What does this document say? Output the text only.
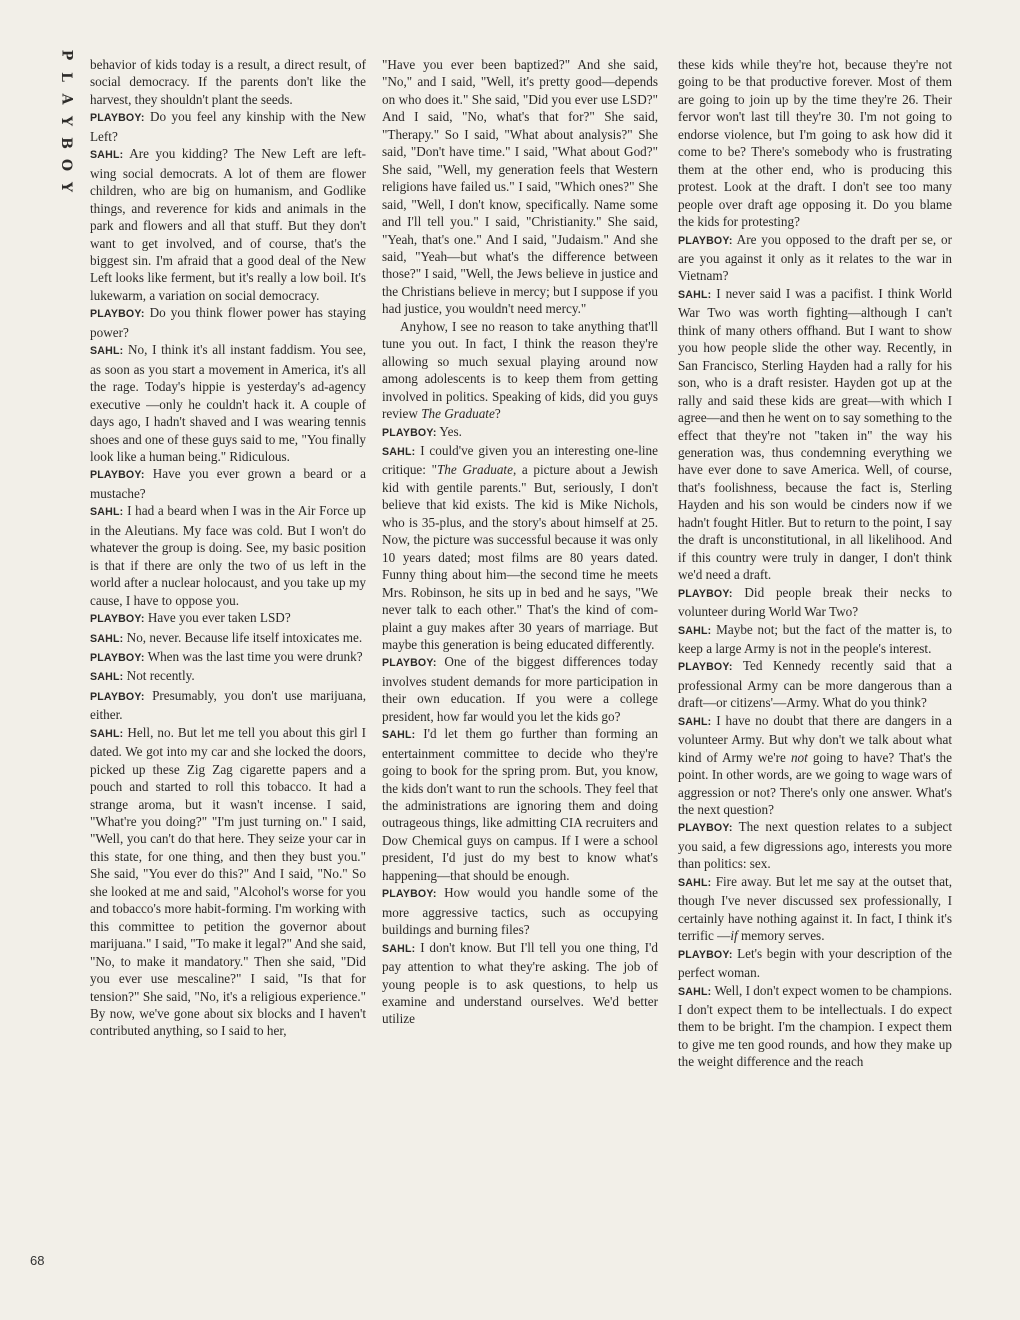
P
L
A
Y
B
O
Y

behavior of kids today is a result, a direct result, of social democracy. If the parents don't like the harvest, they shouldn't plant the seeds.

PLAYBOY: Do you feel any kinship with the New Left?

SAHL: Are you kidding? The New Left are left-wing social democrats. A lot of them are flower children, who are big on humanism, and Godlike things, and reverence for kids and animals in the park and flowers and all that stuff. But they don't want to get involved, and of course, that's the biggest sin. I'm afraid that a good deal of the New Left looks like ferment, but it's really a low boil. It's lukewarm, a variation on social democracy.

PLAYBOY: Do you think flower power has staying power?

SAHL: No, I think it's all instant faddism. You see, as soon as you start a movement in America, it's all the rage. Today's hippie is yesterday's ad-agency executive —only he couldn't hack it. A couple of days ago, I hadn't shaved and I was wearing tennis shoes and one of these guys said to me, "You finally look like a human being." Ridiculous.

PLAYBOY: Have you ever grown a beard or a mustache?

SAHL: I had a beard when I was in the Air Force up in the Aleutians. My face was cold. But I won't do whatever the group is doing. See, my basic position is that if there are only the two of us left in the world after a nuclear holocaust, and you take up my cause, I have to oppose you.

PLAYBOY: Have you ever taken LSD?

SAHL: No, never. Because life itself intoxicates me.

PLAYBOY: When was the last time you were drunk?

SAHL: Not recently.

PLAYBOY: Presumably, you don't use marijuana, either.

SAHL: Hell, no. But let me tell you about this girl I dated. We got into my car and she locked the doors, picked up these Zig Zag cigarette papers and a pouch and started to roll this tobacco. It had a strange aroma, but it wasn't incense. I said, "What're you doing?" "I'm just turning on." I said, "Well, you can't do that here. They seize your car in this state, for one thing, and then they bust you." She said, "You ever do this?" And I said, "No." So she looked at me and said, "Alcohol's worse for you and tobacco's more habit-forming. I'm working with this committee to petition the governor about marijuana." I said, "To make it legal?" And she said, "No, to make it mandatory." Then she said, "Did you ever use mescaline?" I said, "Is that for tension?" She said, "No, it's a religious experience." By now, we've gone about six blocks and I haven't contributed anything, so I said to her,

"Have you ever been baptized?" And she said, "No," and I said, "Well, it's pretty good—depends on who does it." She said, "Did you ever use LSD?" And I said, "No, what's that for?" She said, "Therapy." So I said, "What about analysis?" She said, "Don't have time." I said, "What about God?" She said, "Well, my generation feels that Western religions have failed us." I said, "Which ones?" She said, "Well, I don't know, specifically. Name some and I'll tell you." I said, "Christianity." She said, "Yeah, that's one." And I said, "Judaism." And she said, "Yeah—but what's the difference between those?" I said, "Well, the Jews believe in justice and the Christians believe in mercy; but I suppose if you had justice, you wouldn't need mercy."

Anyhow, I see no reason to take anything that'll tune you out. In fact, I think the reason they're allowing so much sexual playing around now among adolescents is to keep them from getting involved in politics. Speaking of kids, did you guys review The Graduate?

PLAYBOY: Yes.

SAHL: I could've given you an interesting one-line critique: "The Graduate, a picture about a Jewish kid with gentile parents." But, seriously, I don't believe that kid exists. The kid is Mike Nichols, who is 35-plus, and the story's about himself at 25. Now, the picture was successful because it was only 10 years dated; most films are 80 years dated. Funny thing about him—the second time he meets Mrs. Robinson, he sits up in bed and he says, "We never talk to each other." That's the kind of complaint a guy makes after 30 years of marriage. But maybe this generation is being educated differently.

PLAYBOY: One of the biggest differences today involves student demands for more participation in their own education. If you were a college president, how far would you let the kids go?

SAHL: I'd let them go further than forming an entertainment committee to decide who they're going to book for the spring prom. But, you know, the kids don't want to run the schools. They feel that the administrations are ignoring them and doing outrageous things, like admitting CIA recruiters and Dow Chemical guys on campus. If I were a school president, I'd just do my best to know what's happening—that should be enough.

PLAYBOY: How would you handle some of the more aggressive tactics, such as occupying buildings and burning files?

SAHL: I don't know. But I'll tell you one thing, I'd pay attention to what they're asking. The job of young people is to ask questions, to help us examine and understand ourselves. We'd better utilize

these kids while they're hot, because they're not going to be that productive forever. Most of them are going to join up by the time they're 26. Their fervor won't last till they're 30. I'm not going to endorse violence, but I'm going to ask how did it come to be? There's somebody who is frustrating them at the other end, who is producing this protest. Look at the draft. I don't see too many people over draft age opposing it. Do you blame the kids for protesting?

PLAYBOY: Are you opposed to the draft per se, or are you against it only as it relates to the war in Vietnam?

SAHL: I never said I was a pacifist. I think World War Two was worth fighting—although I can't think of many others offhand. But I want to show you how people slide the other way. Recently, in San Francisco, Sterling Hayden had a rally for his son, who is a draft resister. Hayden got up at the rally and said these kids are great—with which I agree—and then he went on to say something to the effect that they're not "taken in" the way his generation was, thus condemning everything we have ever done to save America. Well, of course, that's foolishness, because the fact is, Sterling Hayden and his son would be cinders now if we hadn't fought Hitler. But to return to the point, I say the draft is unconstitutional, in all likelihood. And if this country were truly in danger, I don't think we'd need a draft.

PLAYBOY: Did people break their necks to volunteer during World War Two?

SAHL: Maybe not; but the fact of the matter is, to keep a large Army is not in the people's interest.

PLAYBOY: Ted Kennedy recently said that a professional Army can be more dangerous than a draft—or citizens'—Army. What do you think?

SAHL: I have no doubt that there are dangers in a volunteer Army. But why don't we talk about what kind of Army we're not going to have? That's the point. In other words, are we going to wage wars of aggression or not? There's only one answer. What's the next question?

PLAYBOY: The next question relates to a subject you said, a few digressions ago, interests you more than politics: sex.

SAHL: Fire away. But let me say at the outset that, though I've never discussed sex professionally, I certainly have nothing against it. In fact, I think it's terrific —if memory serves.

PLAYBOY: Let's begin with your description of the perfect woman.

SAHL: Well, I don't expect women to be champions. I don't expect them to be intellectuals. I do expect them to be bright. I'm the champion. I expect them to give me ten good rounds, and how they make up the weight difference and the reach

68
